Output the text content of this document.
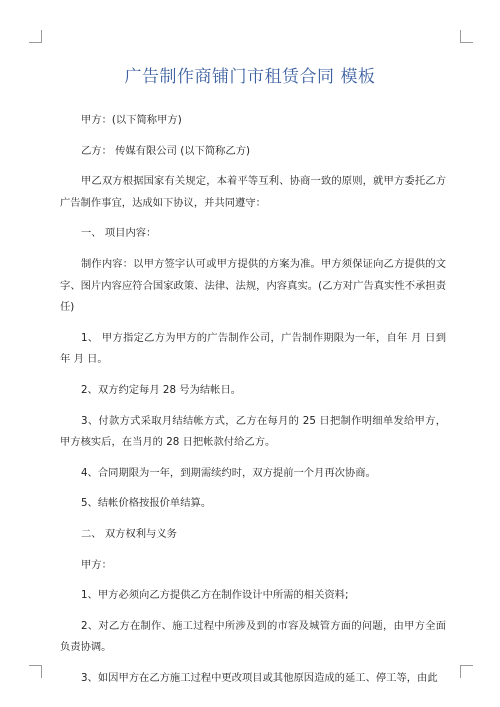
广告制作商铺门市租赁合同 模板

甲方：(以下简称甲方)

乙方： 传媒有限公司 (以下简称乙方)

甲乙双方根据国家有关规定，本着平等互利、协商一致的原则，就甲方委托乙方广告制作事宜，达成如下协议，并共同遵守：

一、 项目内容：

制作内容：以甲方签字认可或甲方提供的方案为准。甲方须保证向乙方提供的文字、图片内容应符合国家政策、法律、法规，内容真实。(乙方对广告真实性不承担责任)

1、 甲方指定乙方为甲方的广告制作公司，广告制作期限为一年，自年 月 日到年 月 日。

2、双方约定每月 28 号为结帐日。

3、付款方式采取月结结帐方式，乙方在每月的 25 日把制作明细单发给甲方，甲方核实后，在当月的 28 日把帐款付给乙方。

4、合同期限为一年，到期需续约时，双方提前一个月再次协商。

5、结帐价格按报价单结算。

二、 双方权利与义务

甲方：

1、甲方必须向乙方提供乙方在制作设计中所需的相关资料;

2、对乙方在制作、施工过程中所涉及到的市容及城管方面的问题，由甲方全面负责协调。

3、如因甲方在乙方施工过程中更改项目或其他原因造成的延工、停工等，由此
